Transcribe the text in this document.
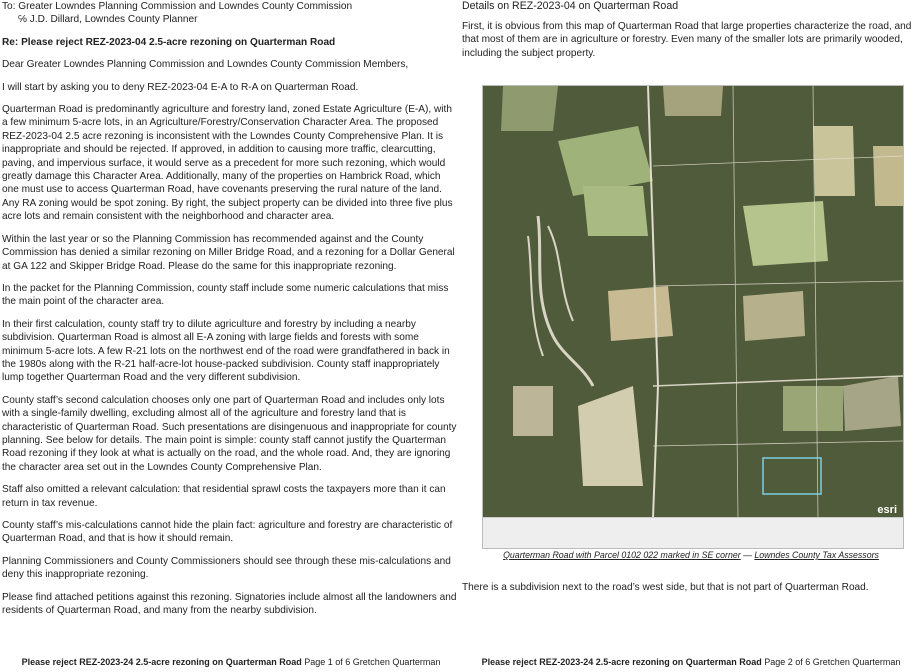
To: Greater Lowndes Planning Commission and Lowndes County Commission
℅ J.D. Dillard, Lowndes County Planner
Re: Please reject REZ-2023-04 2.5-acre rezoning on Quarterman Road

Dear Greater Lowndes Planning Commission and Lowndes County Commission Members,

I will start by asking you to deny REZ-2023-04 E-A to R-A on Quarterman Road.

Quarterman Road is predominantly agriculture and forestry land, zoned Estate Agriculture (E-A), with a few minimum 5-acre lots, in an Agriculture/Forestry/Conservation Character Area. The proposed REZ-2023-04 2.5 acre rezoning is inconsistent with the Lowndes County Comprehensive Plan. It is inappropriate and should be rejected. If approved, in addition to causing more traffic, clearcutting, paving, and impervious surface, it would serve as a precedent for more such rezoning, which would greatly damage this Character Area. Additionally, many of the properties on Hambrick Road, which one must use to access Quarterman Road, have covenants preserving the rural nature of the land. Any RA zoning would be spot zoning. By right, the subject property can be divided into three five plus acre lots and remain consistent with the neighborhood and character area.

Within the last year or so the Planning Commission has recommended against and the County Commission has denied a similar rezoning on Miller Bridge Road, and a rezoning for a Dollar General at GA 122 and Skipper Bridge Road. Please do the same for this inappropriate rezoning.

In the packet for the Planning Commission, county staff include some numeric calculations that miss the main point of the character area.

In their first calculation, county staff try to dilute agriculture and forestry by including a nearby subdivision. Quarterman Road is almost all E-A zoning with large fields and forests with some minimum 5-acre lots. A few R-21 lots on the northwest end of the road were grandfathered in back in the 1980s along with the R-21 half-acre-lot house-packed subdivision. County staff inappropriately lump together Quarterman Road and the very different subdivision.

County staff’s second calculation chooses only one part of Quarterman Road and includes only lots with a single-family dwelling, excluding almost all of the agriculture and forestry land that is characteristic of Quarterman Road. Such presentations are disingenuous and inappropriate for county planning. See below for details. The main point is simple: county staff cannot justify the Quarterman Road rezoning if they look at what is actually on the road, and the whole road. And, they are ignoring the character area set out in the Lowndes County Comprehensive Plan.

Staff also omitted a relevant calculation: that residential sprawl costs the taxpayers more than it can return in tax revenue.

County staff’s mis-calculations cannot hide the plain fact: agriculture and forestry are characteristic of Quarterman Road, and that is how it should remain.

Planning Commissioners and County Commissioners should see through these mis-calculations and deny this inappropriate rezoning.

Please find attached petitions against this rezoning. Signatories include almost all the landowners and residents of Quarterman Road, and many from the nearby subdivision.

Please reject REZ-2023-24 2.5-acre rezoning on Quarterman Road Page 1 of 6 Gretchen Quarterman
Details on REZ-2023-04 on Quarterman Road

First, it is obvious from this map of Quarterman Road that large properties characterize the road, and that most of them are in agriculture or forestry. Even many of the smaller lots are primarily wooded, including the subject property.

esri
Quarterman Road with Parcel 0102 022 marked in SE corner — Lowndes County Tax Assessors
There is a subdivision next to the road’s west side, but that is not part of Quarterman Road.
Please reject REZ-2023-24 2.5-acre rezoning on Quarterman Road Page 2 of 6 Gretchen Quarterman
